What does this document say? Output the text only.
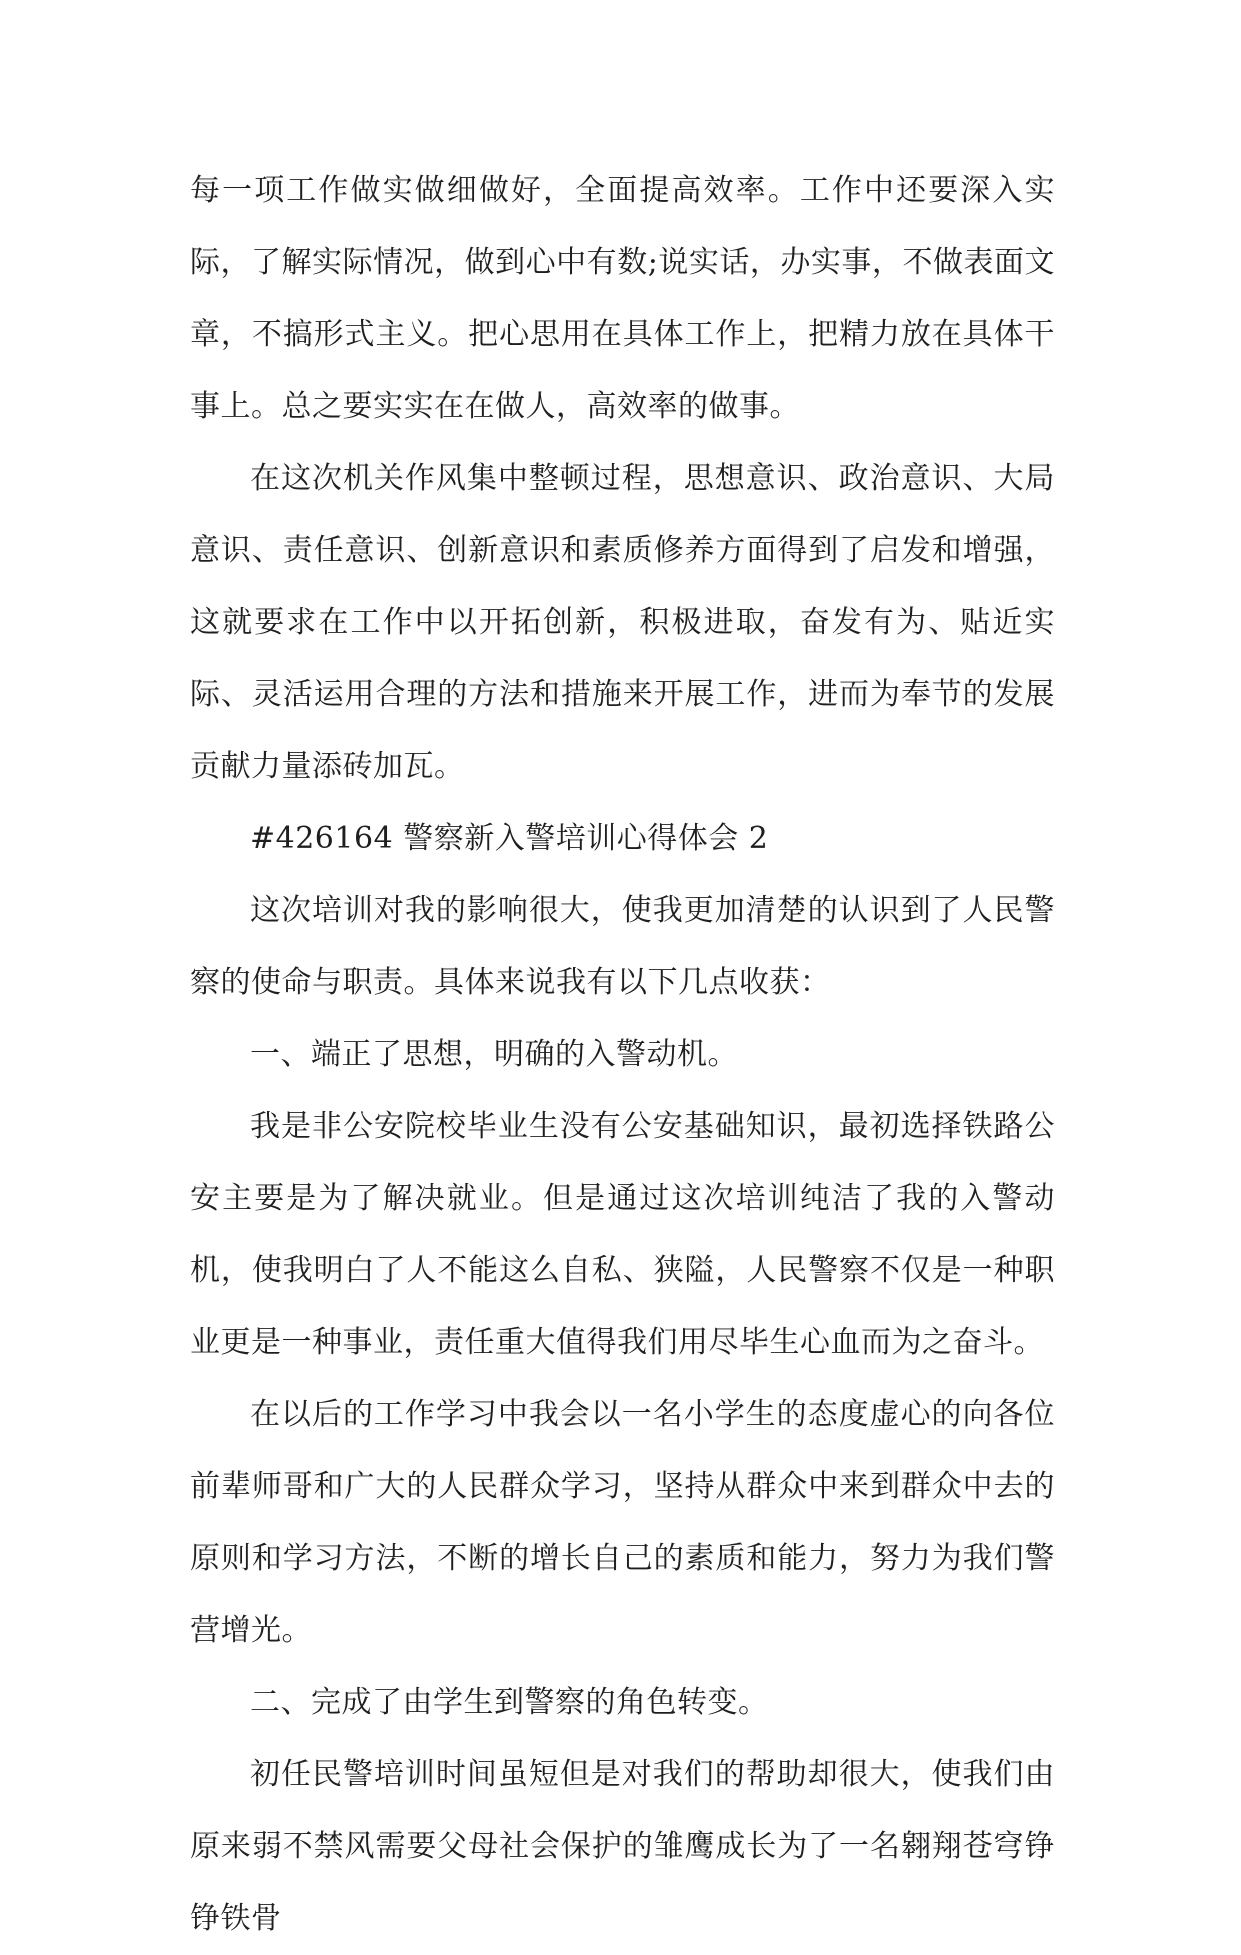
每一项工作做实做细做好，全面提高效率。工作中还要深入实际，了解实际情况，做到心中有数;说实话，办实事，不做表面文章，不搞形式主义。把心思用在具体工作上，把精力放在具体干事上。总之要实实在在做人，高效率的做事。

在这次机关作风集中整顿过程，思想意识、政治意识、大局意识、责任意识、创新意识和素质修养方面得到了启发和增强，这就要求在工作中以开拓创新，积极进取，奋发有为、贴近实际、灵活运用合理的方法和措施来开展工作，进而为奉节的发展贡献力量添砖加瓦。

#426164 警察新入警培训心得体会 2

这次培训对我的影响很大，使我更加清楚的认识到了人民警察的使命与职责。具体来说我有以下几点收获：

一、端正了思想，明确的入警动机。

我是非公安院校毕业生没有公安基础知识，最初选择铁路公安主要是为了解决就业。但是通过这次培训纯洁了我的入警动机，使我明白了人不能这么自私、狭隘，人民警察不仅是一种职业更是一种事业，责任重大值得我们用尽毕生心血而为之奋斗。

在以后的工作学习中我会以一名小学生的态度虚心的向各位前辈师哥和广大的人民群众学习，坚持从群众中来到群众中去的原则和学习方法，不断的增长自己的素质和能力，努力为我们警营增光。

二、完成了由学生到警察的角色转变。

初任民警培训时间虽短但是对我们的帮助却很大，使我们由原来弱不禁风需要父母社会保护的雏鹰成长为了一名翱翔苍穹铮铮铁骨
